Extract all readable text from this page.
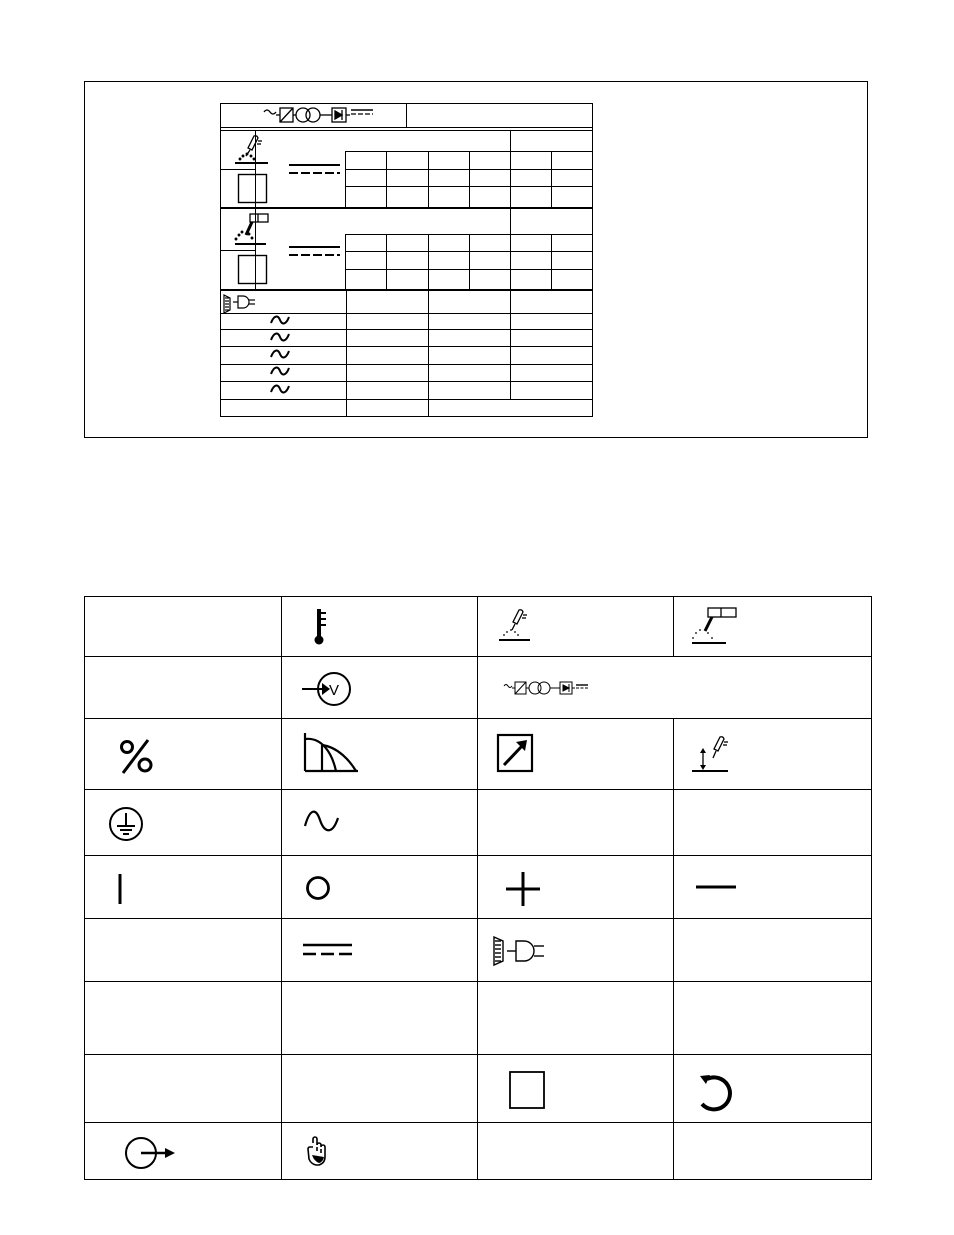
V
